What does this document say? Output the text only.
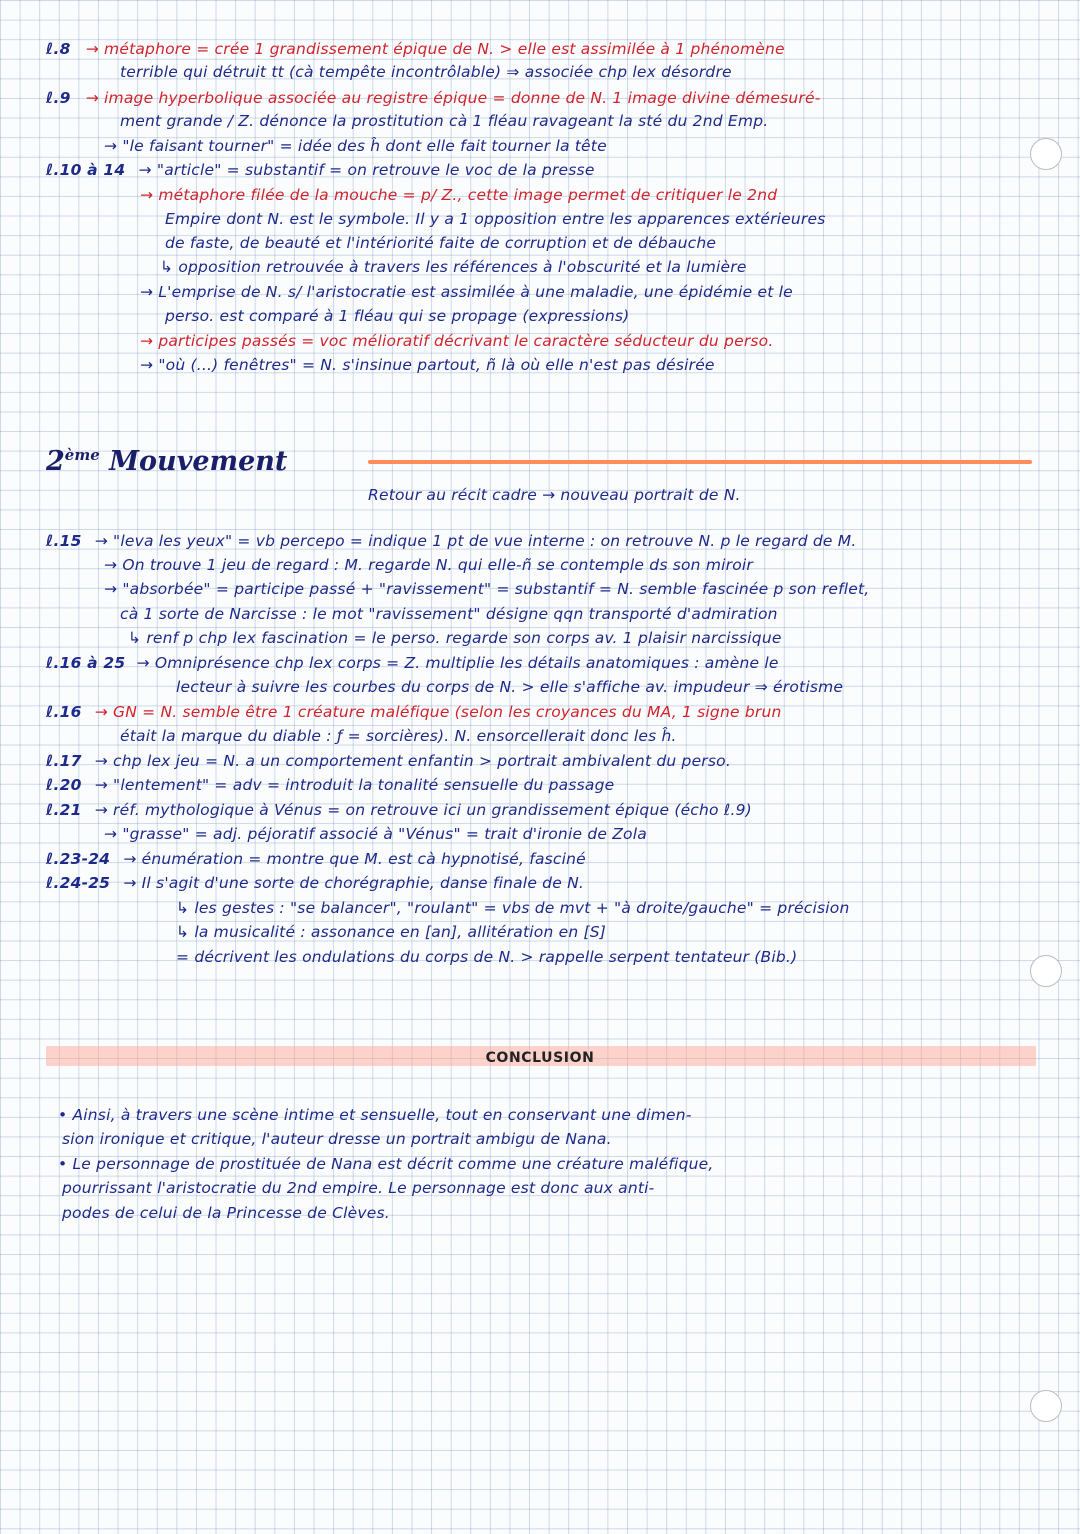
ℓ.8 → métaphore = crée 1 grandissement épique de N. > elle est assimilée à 1 phénomène
terrible qui détruit tt (cà tempête incontrôlable) ⇒ associée chp lex désordre
ℓ.9 → image hyperbolique associée au registre épique = donne de N. 1 image divine démesuré-
ment grande / Z. dénonce la prostitution cà 1 fléau ravageant la sté du 2nd Emp.
→ "le faisant tourner" = idée des ĥ dont elle fait tourner la tête
ℓ.10 à 14 → "article" = substantif = on retrouve le voc de la presse
→ métaphore filée de la mouche = p/ Z., cette image permet de critiquer le 2nd
Empire dont N. est le symbole. Il y a 1 opposition entre les apparences extérieures
de faste, de beauté et l'intériorité faite de corruption et de débauche
↳ opposition retrouvée à travers les références à l'obscurité et la lumière
→ L'emprise de N. s/ l'aristocratie est assimilée à une maladie, une épidémie et le
perso. est comparé à 1 fléau qui se propage (expressions)
→ participes passés = voc mélioratif décrivant le caractère séducteur du perso.
→ "où (...) fenêtres" = N. s'insinue partout, ñ là où elle n'est pas désirée
2ème Mouvement
Retour au récit cadre → nouveau portrait de N.
ℓ.15 → "leva les yeux" = vb percepo = indique 1 pt de vue interne : on retrouve N. p le regard de M.
→ On trouve 1 jeu de regard : M. regarde N. qui elle-ñ se contemple ds son miroir
→ "absorbée" = participe passé + "ravissement" = substantif = N. semble fascinée p son reflet,
cà 1 sorte de Narcisse : le mot "ravissement" désigne qqn transporté d'admiration
↳ renf p chp lex fascination = le perso. regarde son corps av. 1 plaisir narcissique
ℓ.16 à 25 → Omniprésence chp lex corps = Z. multiplie les détails anatomiques : amène le
lecteur à suivre les courbes du corps de N. > elle s'affiche av. impudeur ⇒ érotisme
ℓ.16 → GN = N. semble être 1 créature maléfique (selon les croyances du MA, 1 signe brun
était la marque du diable : ƒ = sorcières). N. ensorcellerait donc les ĥ.
ℓ.17 → chp lex jeu = N. a un comportement enfantin > portrait ambivalent du perso.
ℓ.20 → "lentement" = adv = introduit la tonalité sensuelle du passage
ℓ.21 → réf. mythologique à Vénus = on retrouve ici un grandissement épique (écho ℓ.9)
→ "grasse" = adj. péjoratif associé à "Vénus" = trait d'ironie de Zola
ℓ.23-24 → énumération = montre que M. est cà hypnotisé, fasciné
ℓ.24-25 → Il s'agit d'une sorte de chorégraphie, danse finale de N.
↳ les gestes : "se balancer", "roulant" = vbs de mvt + "à droite/gauche" = précision
↳ la musicalité : assonance en [an], allitération en [S]
= décrivent les ondulations du corps de N. > rappelle serpent tentateur (Bib.)
CONCLUSION
• Ainsi, à travers une scène intime et sensuelle, tout en conservant une dimen-
sion ironique et critique, l'auteur dresse un portrait ambigu de Nana.
• Le personnage de prostituée de Nana est décrit comme une créature maléfique,
pourrissant l'aristocratie du 2nd empire. Le personnage est donc aux anti-
podes de celui de la Princesse de Clèves.
